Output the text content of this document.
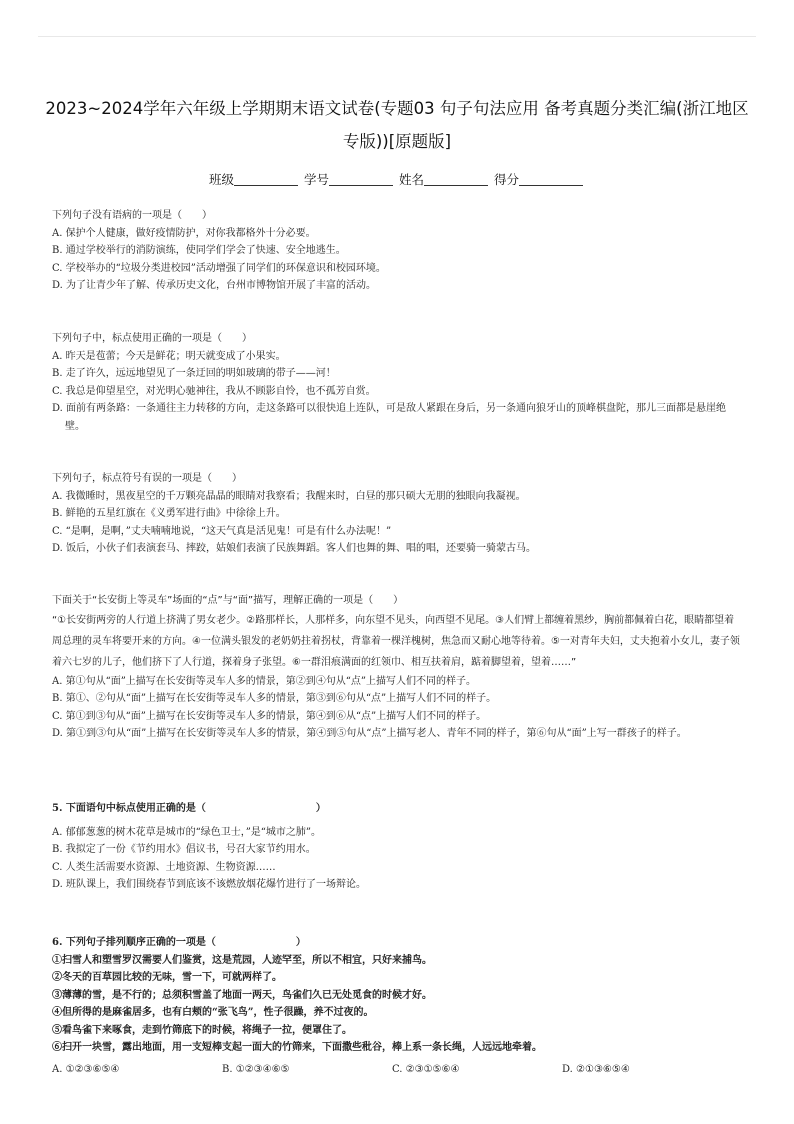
2023~2024学年六年级上学期期末语文试卷(专题03 句子句法应用 备考真题分类汇编(浙江地区专版))[原题版]
班级	学号	姓名	得分
下列句子没有语病的一项是（　　）
A. 保护个人健康，做好疫情防护，对你我都格外十分必要。
B. 通过学校举行的消防演练，使同学们学会了快速、安全地逃生。
C. 学校举办的“垃圾分类进校园”活动增强了同学们的环保意识和校园环境。
D. 为了让青少年了解、传承历史文化，台州市博物馆开展了丰富的活动。
下列句子中，标点使用正确的一项是（　　）
A. 昨天是苞蕾；今天是鲜花；明天就变成了小果实。
B. 走了许久，远远地望见了一条迂回的明如玻璃的带子——河！
C. 我总是仰望星空，对光明心驰神往，我从不顾影自怜，也不孤芳自赏。
D. 面前有两条路：一条通往主力转移的方向，走这条路可以很快追上连队，可是敌人紧跟在身后，另一条通向狼牙山的顶峰棋盘陀，那儿三面都是悬崖绝壁。
下列句子，标点符号有误的一项是（　　）
A. 我微睡时，黑夜星空的千万颗亮晶晶的眼睛对我察看；我醒来时，白昼的那只硕大无朋的独眼向我凝视。
B. 鲜艳的五星红旗在《义勇军进行曲》中徐徐上升。
C. “是啊，是啊，”丈夫喃喃地说，“这天气真是活见鬼！可是有什么办法呢！”
D. 饭后，小伙子们表演套马、摔跤，姑娘们表演了民族舞蹈。客人们也舞的舞、唱的唱，还要骑一骑蒙古马。
下面关于“长安街上等灵车”场面的“点”与“面”描写，理解正确的一项是（　　）
“①长安街两旁的人行道上挤满了男女老少。②路那样长，人那样多，向东望不见头，向西望不见尾。③人们臂上都缠着黑纱，胸前都佩着白花，眼睛都望着周总理的灵车将要开来的方向。④一位满头银发的老奶奶拄着拐杖，背靠着一棵洋槐树，焦急而又耐心地等待着。⑤一对青年夫妇，丈夫抱着小女儿，妻子领着六七岁的儿子，他们挤下了人行道，探着身子张望。⑥一群泪痕满面的红领巾、相互扶着肩，踮着脚望着，望着……”
A. 第①句从“面”上描写在长安街等灵车人多的情景，第②到④句从“点”上描写人们不同的样子。
B. 第①、②句从“面”上描写在长安街等灵车人多的情景，第③到⑥句从“点”上描写人们不同的样子。
C. 第①到③句从“面”上描写在长安街等灵车人多的情景，第④到⑥从“点”上描写人们不同的样子。
D. 第①到③句从“面”上描写在长安街等灵车人多的情景，第④到⑤句从“点”上描写老人、青年不同的样子，第⑥句从“面”上写一群孩子的样子。
5. 下面语句中标点使用正确的是（　　　　　　　　　　　）
A. 郁郁葱葱的树木花草是城市的“绿色卫士，”是“城市之肺”。
B. 我拟定了一份《节约用水》倡议书，号召大家节约用水。
C. 人类生活需要水资源、土地资源、生物资源……
D. 班队课上，我们围绕春节到底该不该燃放烟花爆竹进行了一场辩论。
6. 下列句子排列顺序正确的一项是（　　　　　　　　）
①扫雪人和塑雪罗汉需要人们鉴赏，这是荒园，人迹罕至，所以不相宜，只好来捕鸟。
②冬天的百草园比较的无味，雪一下，可就两样了。
③薄薄的雪，是不行的；总须积雪盖了地面一两天，鸟雀们久已无处觅食的时候才好。
④但所得的是麻雀居多，也有白颊的“张飞鸟”，性子很躁，养不过夜的。
⑤看鸟雀下来啄食，走到竹筛底下的时候，将绳子一拉，便罩住了。
⑥扫开一块雪，露出地面，用一支短棒支起一面大的竹筛来，下面撒些秕谷，棒上系一条长绳，人远远地牵着。
A. ①②③⑥⑤④	B. ①②③④⑥⑤	C. ②③①⑤⑥④	D. ②①③⑥⑤④
